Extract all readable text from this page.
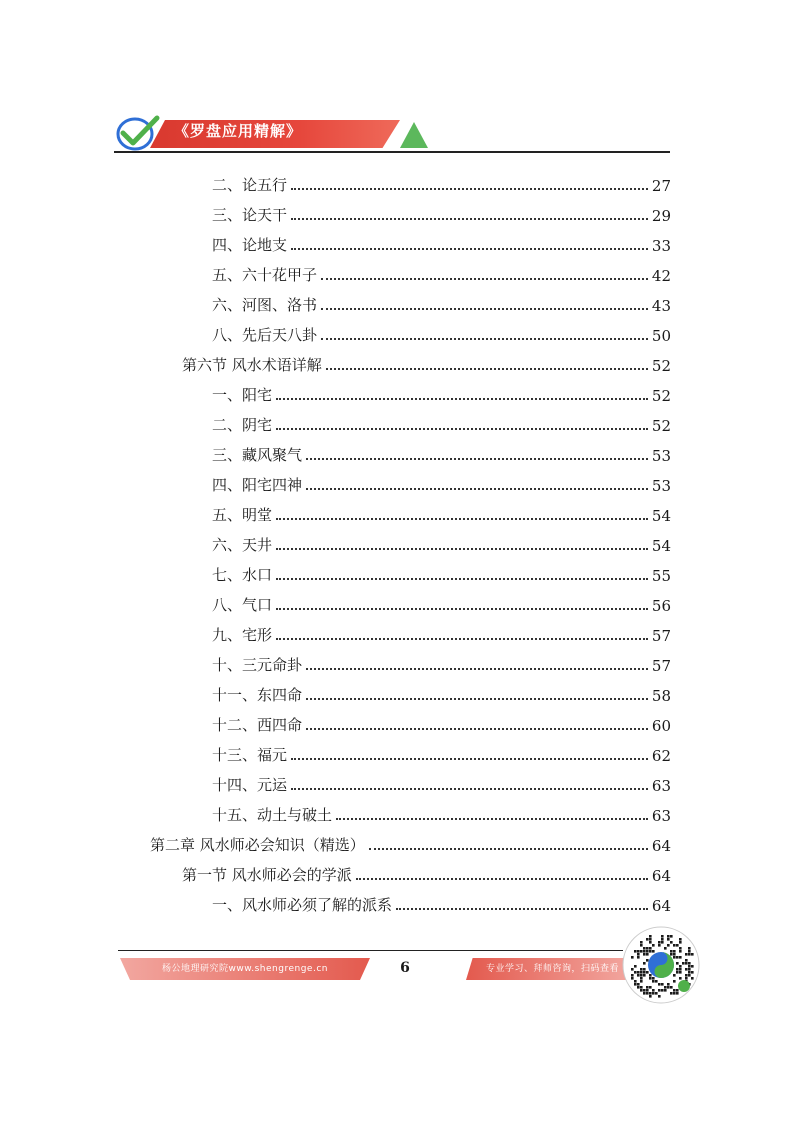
《罗盘应用精解》
二、论五行	27
三、论天干	29
四、论地支	33
五、六十花甲子	42
六、河图、洛书	43
八、先后天八卦	50
第六节 风水术语详解	52
一、阳宅	52
二、阴宅	52
三、藏风聚气	53
四、阳宅四神	53
五、明堂	54
六、天井	54
七、水口	55
八、气口	56
九、宅形	57
十、三元命卦	57
十一、东四命	58
十二、西四命	60
十三、福元	62
十四、元运	63
十五、动土与破土	63
第二章 风水师必会知识（精选）	64
第一节 风水师必会的学派	64
一、风水师必须了解的派系	64
杨公地理研究院www.shengrenge.cn	6	专业学习、拜师咨询，扫码查看
